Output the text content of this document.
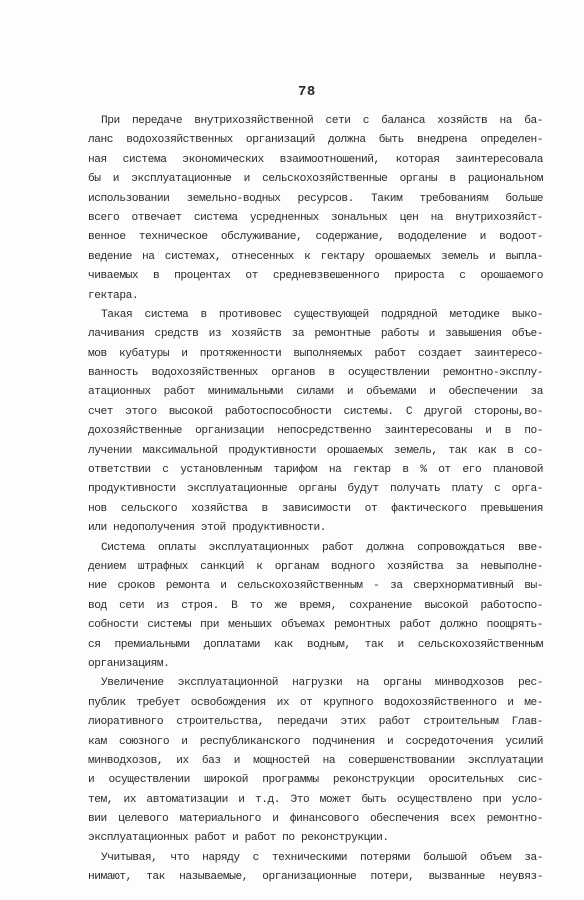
78
При передаче внутрихозяйственной сети с баланса хозяйств на ба-
ланс водохозяйственных организаций должна быть внедрена определен-
ная система экономических взаимоотношений, которая заинтересовала
бы и эксплуатационные и сельскохозяйственные органы в рациональном
использовании земельно-водных ресурсов. Таким требованиям больше
всего отвечает система усредненных зональных цен на внутрихозяйст-
венное техническое обслуживание, содержание, вододеление и водоот-
ведение на системах, отнесенных к гектару орошаемых земель и выпла-
чиваемых в процентах от средневзвешенного прироста с орошаемого
гектара.
Такая система в противовес существующей подрядной методике выко-
лачивания средств из хозяйств за ремонтные работы и завышения объе-
мов кубатуры и протяженности выполняемых работ создает заинтересо-
ванность водохозяйственных органов в осуществлении ремонтно-эксплу-
атационных работ минимальными силами и объемами и обеспечении за
счет этого высокой работоспособности системы. С другой стороны,во-
дохозяйственные организации непосредственно заинтересованы и в по-
лучении максимальной продуктивности орошаемых земель, так как в со-
ответствии с установленным тарифом на гектар в % от его плановой
продуктивности эксплуатационные органы будут получать плату с орга-
нов сельского хозяйства в зависимости от фактического превышения
или недополучения этой продуктивности.
Система оплаты эксплуатационных работ должна сопровождаться вве-
дением штрафных санкций к органам водного хозяйства за невыполне-
ние сроков ремонта и сельскохозяйственным - за сверхнормативный вы-
вод сети из строя. В то же время, сохранение высокой работоспо-
собности системы при меньших объемах ремонтных работ должно поощрять-
ся премиальными доплатами как водным, так и сельскохозяйственным
организациям.
Увеличение эксплуатационной нагрузки на органы минводхозов рес-
публик требует освобождения их от крупного водохозяйственного и ме-
лиоративного строительства, передачи этих работ строительным Глав-
кам союзного и республиканского подчинения и сосредоточения усилий
минводхозов, их баз и мощностей на совершенствовании эксплуатации
и осуществлении широкой программы реконструкции оросительных сис-
тем, их автоматизации и т.д. Это может быть осуществлено при усло-
вии целевого материального и финансового обеспечения всех ремонтно-
эксплуатационных работ и работ по реконструкции.
Учитывая, что наряду с техническими потерями большой объем за-
нимают, так называемые, организационные потери, вызванные неувяз-
